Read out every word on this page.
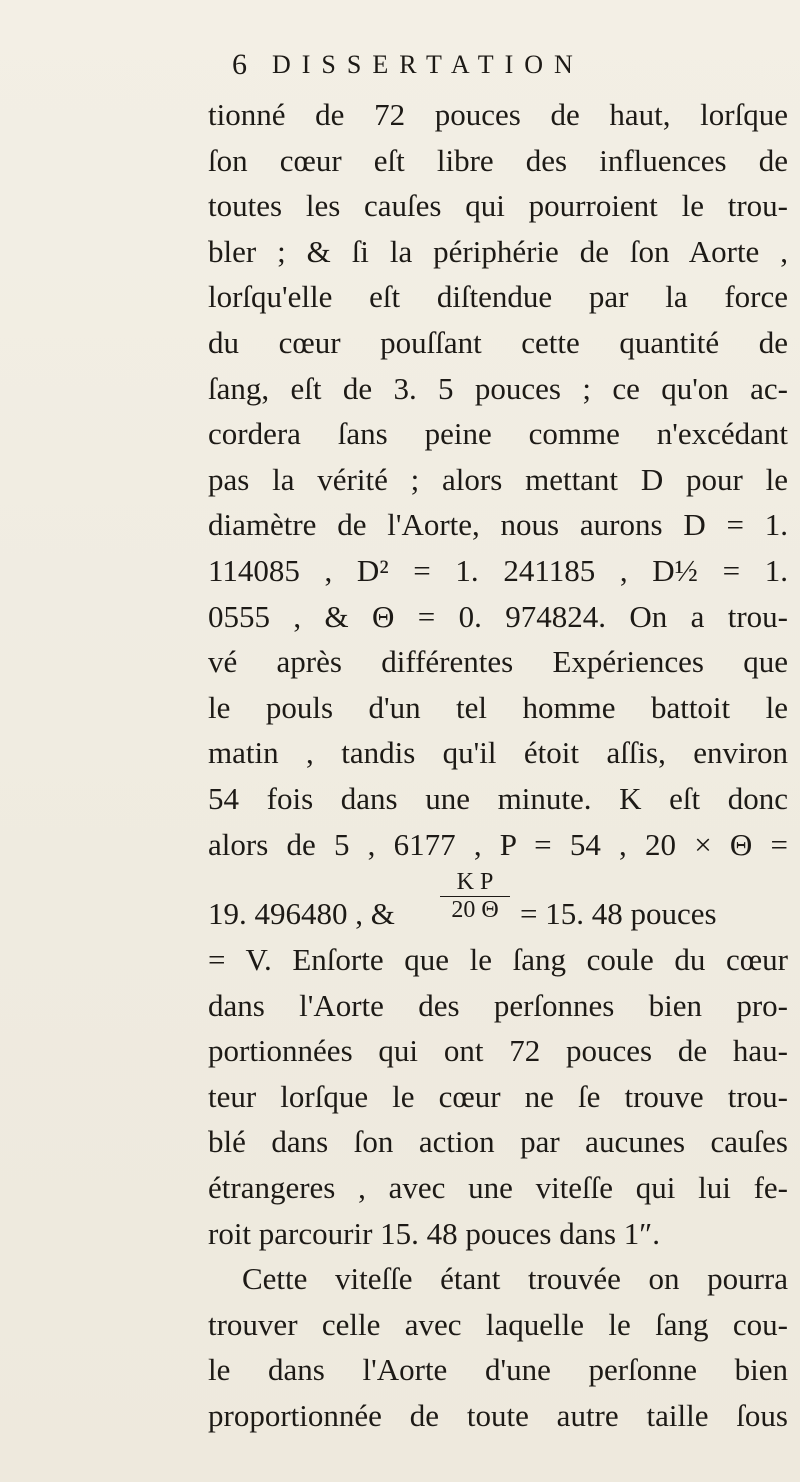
6 DISSERTATION
tionné de 72 pouces de haut, lorſque
ſon cœur eſt libre des influences de
toutes les cauſes qui pourroient le trou-
bler ; & ſi la périphérie de ſon Aorte ,
lorſqu'elle eſt diſtendue par la force
du cœur pouſſant cette quantité de
ſang, eſt de 3. 5 pouces ; ce qu'on ac-
cordera ſans peine comme n'excédant
pas la vérité ; alors mettant D pour le
diamètre de l'Aorte, nous aurons D = 1.
114085 , D² = 1. 241185 , D½ = 1.
0555 , & Θ = 0. 974824. On a trou-
vé après différentes Expériences que
le pouls d'un tel homme battoit le
matin , tandis qu'il étoit aſſis, environ
54 fois dans une minute. K eſt donc
alors de 5 , 6177 , P = 54 , 20 × Θ =
19. 496480 , & $\frac{\text{K P}}{20 \Theta} = 15$. 48 pouces
= V. Enſorte que le ſang coule du cœur
dans l'Aorte des perſonnes bien pro-
portionnées qui ont 72 pouces de hau-
teur lorſque le cœur ne ſe trouve trou-
blé dans ſon action par aucunes cauſes
étrangeres , avec une viteſſe qui lui fe-
roit parcourir 15. 48 pouces dans 1″.
Cette viteſſe étant trouvée on pourra
trouver celle avec laquelle le ſang cou-
le dans l'Aorte d'une perſonne bien
proportionnée de toute autre taille ſous
